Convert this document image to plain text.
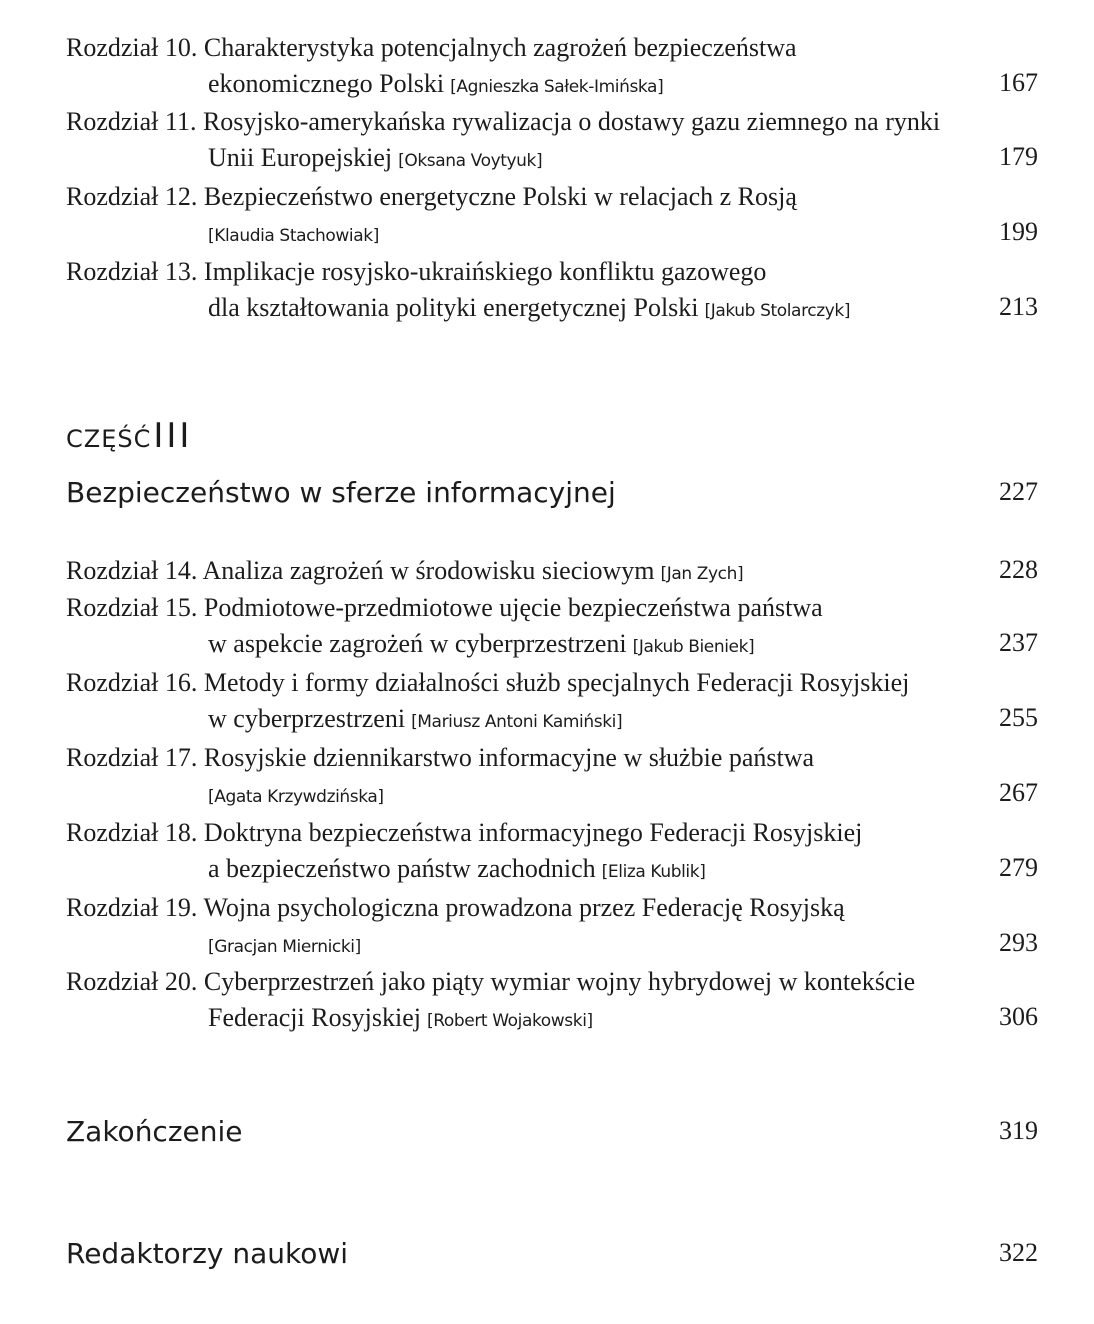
Rozdział 10. Charakterystyka potencjalnych zagrożeń bezpieczeństwa
ekonomicznego Polski [Agnieszka Sałek-Imińska]	167
Rozdział 11. Rosyjsko-amerykańska rywalizacja o dostawy gazu ziemnego na rynki
Unii Europejskiej [Oksana Voytyuk]	179
Rozdział 12. Bezpieczeństwo energetyczne Polski w relacjach z Rosją
[Klaudia Stachowiak]	199
Rozdział 13. Implikacje rosyjsko-ukraińskiego konfliktu gazowego
dla kształtowania polityki energetycznej Polski [Jakub Stolarczyk]	213
CZĘŚĆIII
Bezpieczeństwo w sferze informacyjnej	227
Rozdział 14. Analiza zagrożeń w środowisku sieciowym [Jan Zych]	228
Rozdział 15. Podmiotowe-przedmiotowe ujęcie bezpieczeństwa państwa
w aspekcie zagrożeń w cyberprzestrzeni [Jakub Bieniek]	237
Rozdział 16. Metody i formy działalności służb specjalnych Federacji Rosyjskiej
w cyberprzestrzeni [Mariusz Antoni Kamiński]	255
Rozdział 17. Rosyjskie dziennikarstwo informacyjne w służbie państwa
[Agata Krzywdzińska]	267
Rozdział 18. Doktryna bezpieczeństwa informacyjnego Federacji Rosyjskiej
a bezpieczeństwo państw zachodnich [Eliza Kublik]	279
Rozdział 19. Wojna psychologiczna prowadzona przez Federację Rosyjską
[Gracjan Miernicki]	293
Rozdział 20. Cyberprzestrzeń jako piąty wymiar wojny hybrydowej w kontekście
Federacji Rosyjskiej [Robert Wojakowski]	306
Zakończenie	319
Redaktorzy naukowi	322
